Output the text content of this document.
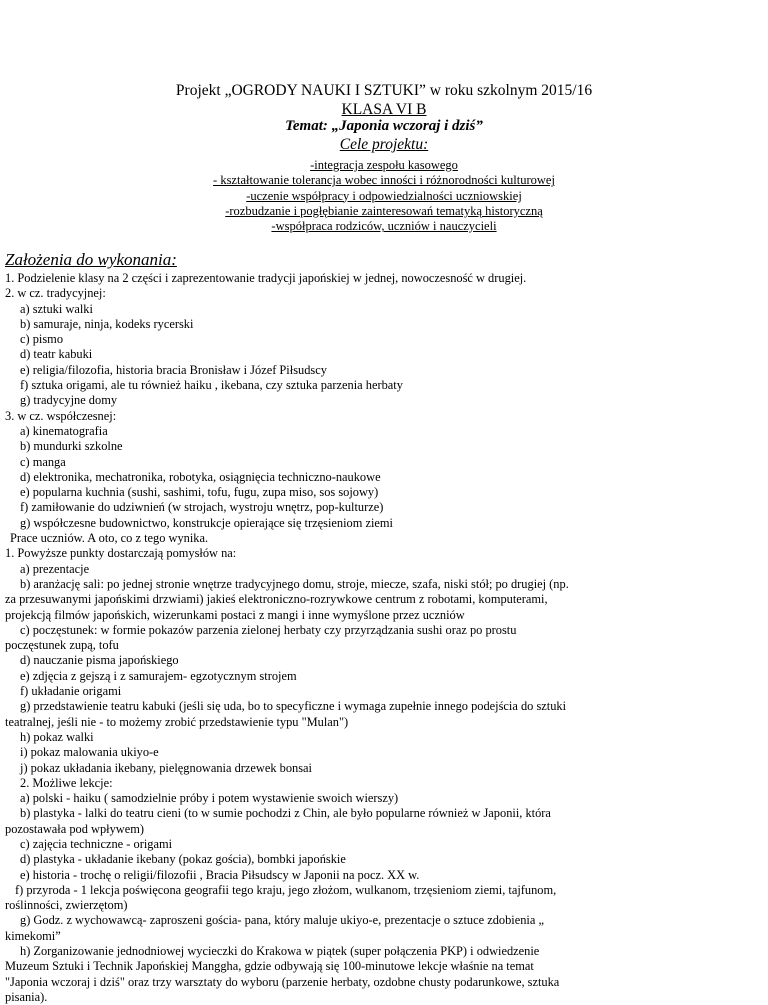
Projekt „OGRODY NAUKI I SZTUKI” w roku szkolnym 2015/16
KLASA VI B
Temat: „Japonia wczoraj i dziś”
Cele projektu:
-integracja zespołu kasowego
- kształtowanie tolerancja wobec inności i różnorodności kulturowej
-uczenie współpracy i odpowiedzialności uczniowskiej
-rozbudzanie i pogłębianie zainteresowań tematyką historyczną
-współpraca rodziców, uczniów i nauczycieli
Założenia do wykonania:
1. Podzielenie klasy na 2 części i zaprezentowanie tradycji japońskiej w jednej, nowoczesność w drugiej.
2. w cz. tradycyjnej:
a) sztuki walki
b) samuraje, ninja, kodeks rycerski
c) pismo
d) teatr kabuki
e) religia/filozofia, historia bracia Bronisław i Józef Piłsudscy
f) sztuka origami, ale tu również haiku , ikebana, czy sztuka parzenia herbaty
g) tradycyjne domy
3. w cz. współczesnej:
a) kinematografia
b) mundurki szkolne
c) manga
d) elektronika, mechatronika, robotyka, osiągnięcia techniczno-naukowe
e) popularna kuchnia (sushi, sashimi, tofu, fugu, zupa miso, sos sojowy)
f) zamiłowanie do udziwnień (w strojach, wystroju wnętrz, pop-kulturze)
g) współczesne budownictwo, konstrukcje opierające się trzęsieniom ziemi
Prace uczniów. A oto, co z tego wynika.
1. Powyższe punkty dostarczają pomysłów na:
a) prezentacje
b) aranżację sali: po jednej stronie wnętrze tradycyjnego domu, stroje, miecze, szafa, niski stół; po drugiej (np.
za przesuwanymi japońskimi drzwiami) jakieś elektroniczno-rozrywkowe centrum z robotami, komputerami,
projekcją filmów japońskich, wizerunkami postaci z mangi i inne wymyślone przez uczniów
c) poczęstunek: w formie pokazów parzenia zielonej herbaty czy przyrządzania sushi oraz po prostu
poczęstunek zupą, tofu
d) nauczanie pisma japońskiego
e) zdjęcia z gejszą i z samurajem- egzotycznym strojem
f) układanie origami
g) przedstawienie teatru kabuki (jeśli się uda, bo to specyficzne i wymaga zupełnie innego podejścia do sztuki
teatralnej, jeśli nie - to możemy zrobić przedstawienie typu "Mulan")
h) pokaz walki
i) pokaz malowania ukiyo-e
j) pokaz układania ikebany, pielęgnowania drzewek bonsai
2. Możliwe lekcje:
a) polski - haiku ( samodzielnie próby i potem wystawienie swoich wierszy)
b) plastyka - lalki do teatru cieni (to w sumie pochodzi z Chin, ale było popularne również w Japonii, która
pozostawała pod wpływem)
c) zajęcia techniczne - origami
d) plastyka - układanie ikebany (pokaz gościa), bombki japońskie
e) historia - trochę o religii/filozofii , Bracia Piłsudscy w Japonii na pocz. XX w.
f) przyroda - 1 lekcja poświęcona geografii tego kraju, jego złożom, wulkanom, trzęsieniom ziemi, tajfunom,
roślinności, zwierzętom)
g) Godz. z wychowawcą- zaproszeni gościa- pana, który maluje ukiyo-e, prezentacje o sztuce zdobienia „
kimekomi”
h) Zorganizowanie jednodniowej wycieczki do Krakowa w piątek (super połączenia PKP) i odwiedzenie
Muzeum Sztuki i Technik Japońskiej Manggha, gdzie odbywają się 100-minutowe lekcje właśnie na temat
"Japonia wczoraj i dziś" oraz trzy warsztaty do wyboru (parzenie herbaty, ozdobne chusty podarunkowe, sztuka
pisania).
